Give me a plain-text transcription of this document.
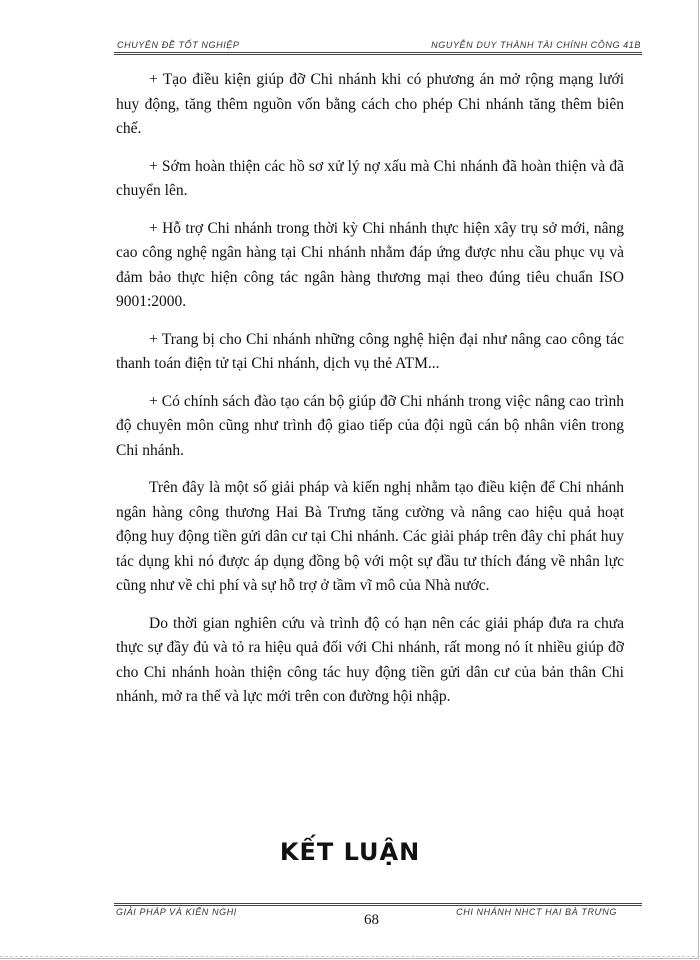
CHUYÊN ĐỀ TỐT NGHIỆP	NGUYỄN DUY THÀNH TÀI CHÍNH CÔNG 41B

+ Tạo điều kiện giúp đỡ Chi nhánh khi có phương án mở rộng mạng lưới huy động, tăng thêm nguồn vốn bằng cách cho phép Chi nhánh tăng thêm biên chế.

+ Sớm hoàn thiện các hồ sơ xử lý nợ xấu mà Chi nhánh đã hoàn thiện và đã chuyển lên.

+ Hỗ trợ Chi nhánh trong thời kỳ Chi nhánh thực hiện xây trụ sở mới, nâng cao công nghệ ngân hàng tại Chi nhánh nhằm đáp ứng được nhu cầu phục vụ và đảm bảo thực hiện công tác ngân hàng thương mại theo đúng tiêu chuẩn ISO 9001:2000.

+ Trang bị cho Chi nhánh những công nghệ hiện đại như nâng cao công tác thanh toán điện tử tại Chi nhánh, dịch vụ thẻ ATM...

+ Có chính sách đào tạo cán bộ giúp đỡ Chi nhánh trong việc nâng cao trình độ chuyên môn cũng như trình độ giao tiếp của đội ngũ cán bộ nhân viên trong Chi nhánh.

Trên đây là một số giải pháp và kiến nghị nhằm tạo điều kiện để Chi nhánh ngân hàng công thương Hai Bà Trưng tăng cường và nâng cao hiệu quả hoạt động huy động tiền gửi dân cư tại Chi nhánh. Các giải pháp trên đây chỉ phát huy tác dụng khi nó được áp dụng đồng bộ với một sự đầu tư thích đáng về nhân lực cũng như về chi phí và sự hỗ trợ ở tầm vĩ mô của Nhà nước.

Do thời gian nghiên cứu và trình độ có hạn nên các giải pháp đưa ra chưa thực sự đầy đủ và tỏ ra hiệu quả đối với Chi nhánh, rất mong nó ít nhiều giúp đỡ cho Chi nhánh hoàn thiện công tác huy động tiền gửi dân cư của bản thân Chi nhánh, mở ra thế và lực mới trên con đường hội nhập.

KẾT LUẬN
GIẢI PHÁP VÀ KIẾN NGHỊ	CHI NHÁNH NHCT HAI BÀ TRƯNG
68
